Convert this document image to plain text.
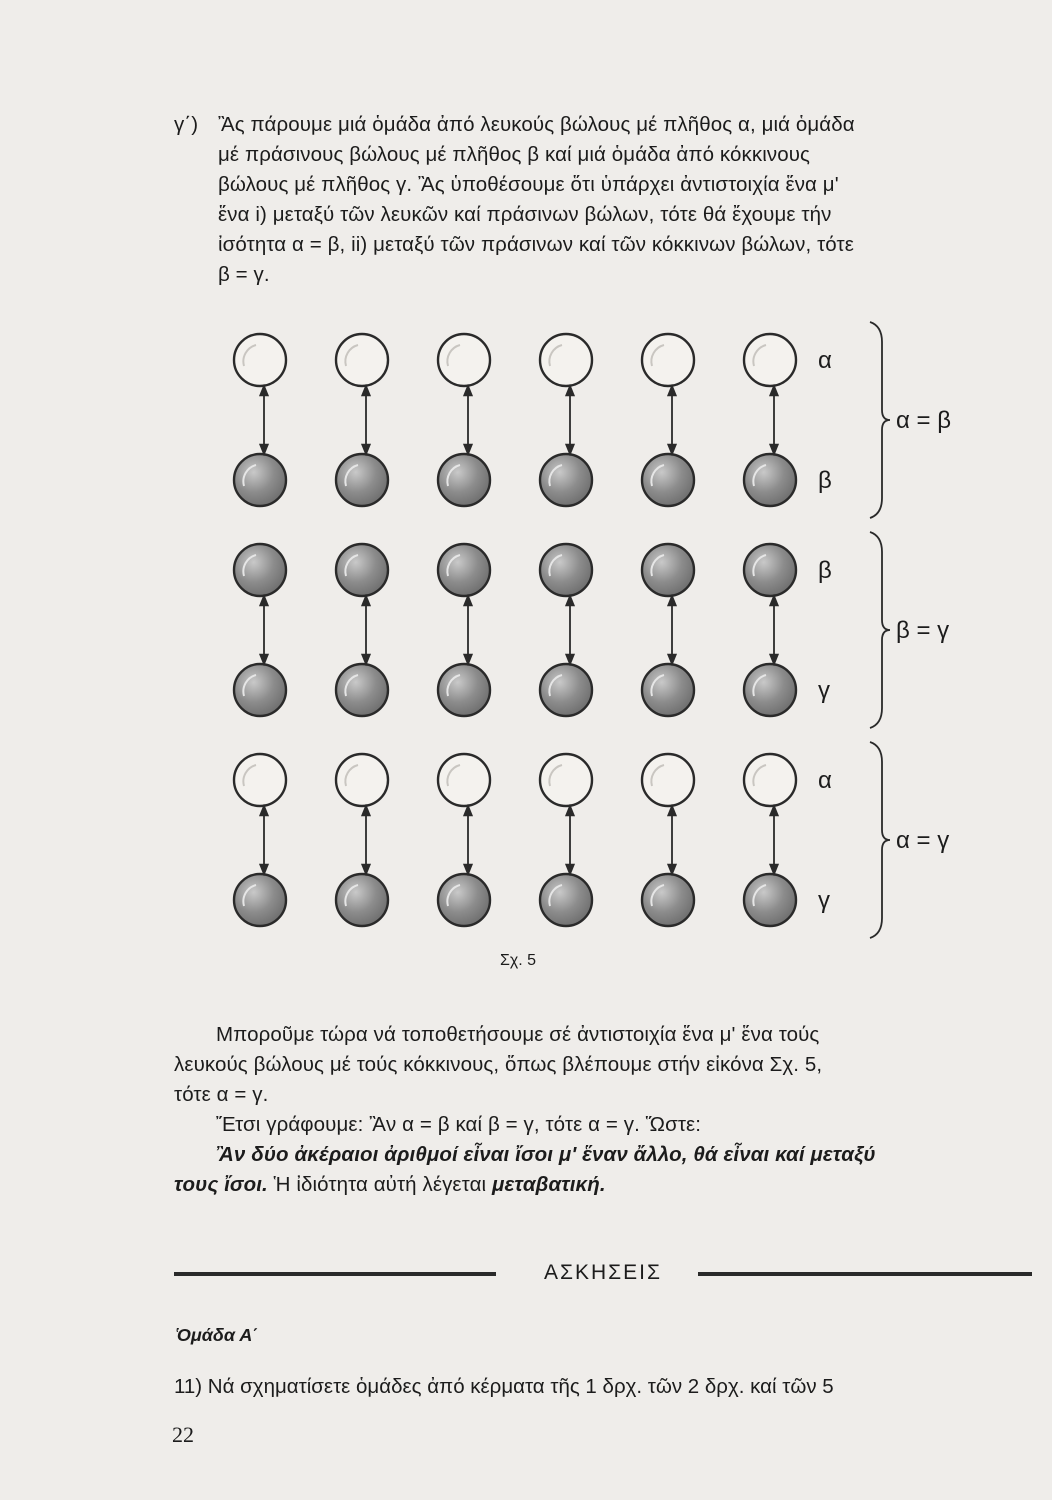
γ΄) Ἂς πάρουμε μιά ὁμάδα ἀπό λευκούς βώλους μέ πλῆθος α, μιά ὁμάδα
μέ πράσινους βώλους μέ πλῆθος β καί μιά ὁμάδα ἀπό κόκκινους
βώλους μέ πλῆθος γ. Ἂς ὑποθέσουμε ὅτι ὑπάρχει ἀντιστοιχία ἕνα μ'
ἕνα i) μεταξύ τῶν λευκῶν καί πράσινων βώλων, τότε θά ἔχουμε τήν
ἰσότητα α = β, ii) μεταξύ τῶν πράσινων καί τῶν κόκκινων βώλων, τότε
β = γ.
α
β
β
γ
α
γ
α = β
β = γ
α = γ
Σχ. 5
Μποροῦμε τώρα νά τοποθετήσουμε σέ ἀντιστοιχία ἕνα μ' ἕνα τούς
λευκούς βώλους μέ τούς κόκκινους, ὅπως βλέπουμε στήν εἰκόνα Σχ. 5,
τότε α = γ.
Ἔτσι γράφουμε: Ἂν α = β καί β = γ, τότε α = γ. Ὥστε:
Ἂν δύο ἀκέραιοι ἀριθμοί εἶναι ἴσοι μ' ἕναν ἄλλο, θά εἶναι καί μεταξύ
τους ἴσοι. Ἡ ἰδιότητα αὐτή λέγεται μεταβατική.
ΑΣΚΗΣΕΙΣ
Ὁμάδα Α΄
11) Νά σχηματίσετε ὁμάδες ἀπό κέρματα τῆς 1 δρχ. τῶν 2 δρχ. καί τῶν 5
22
